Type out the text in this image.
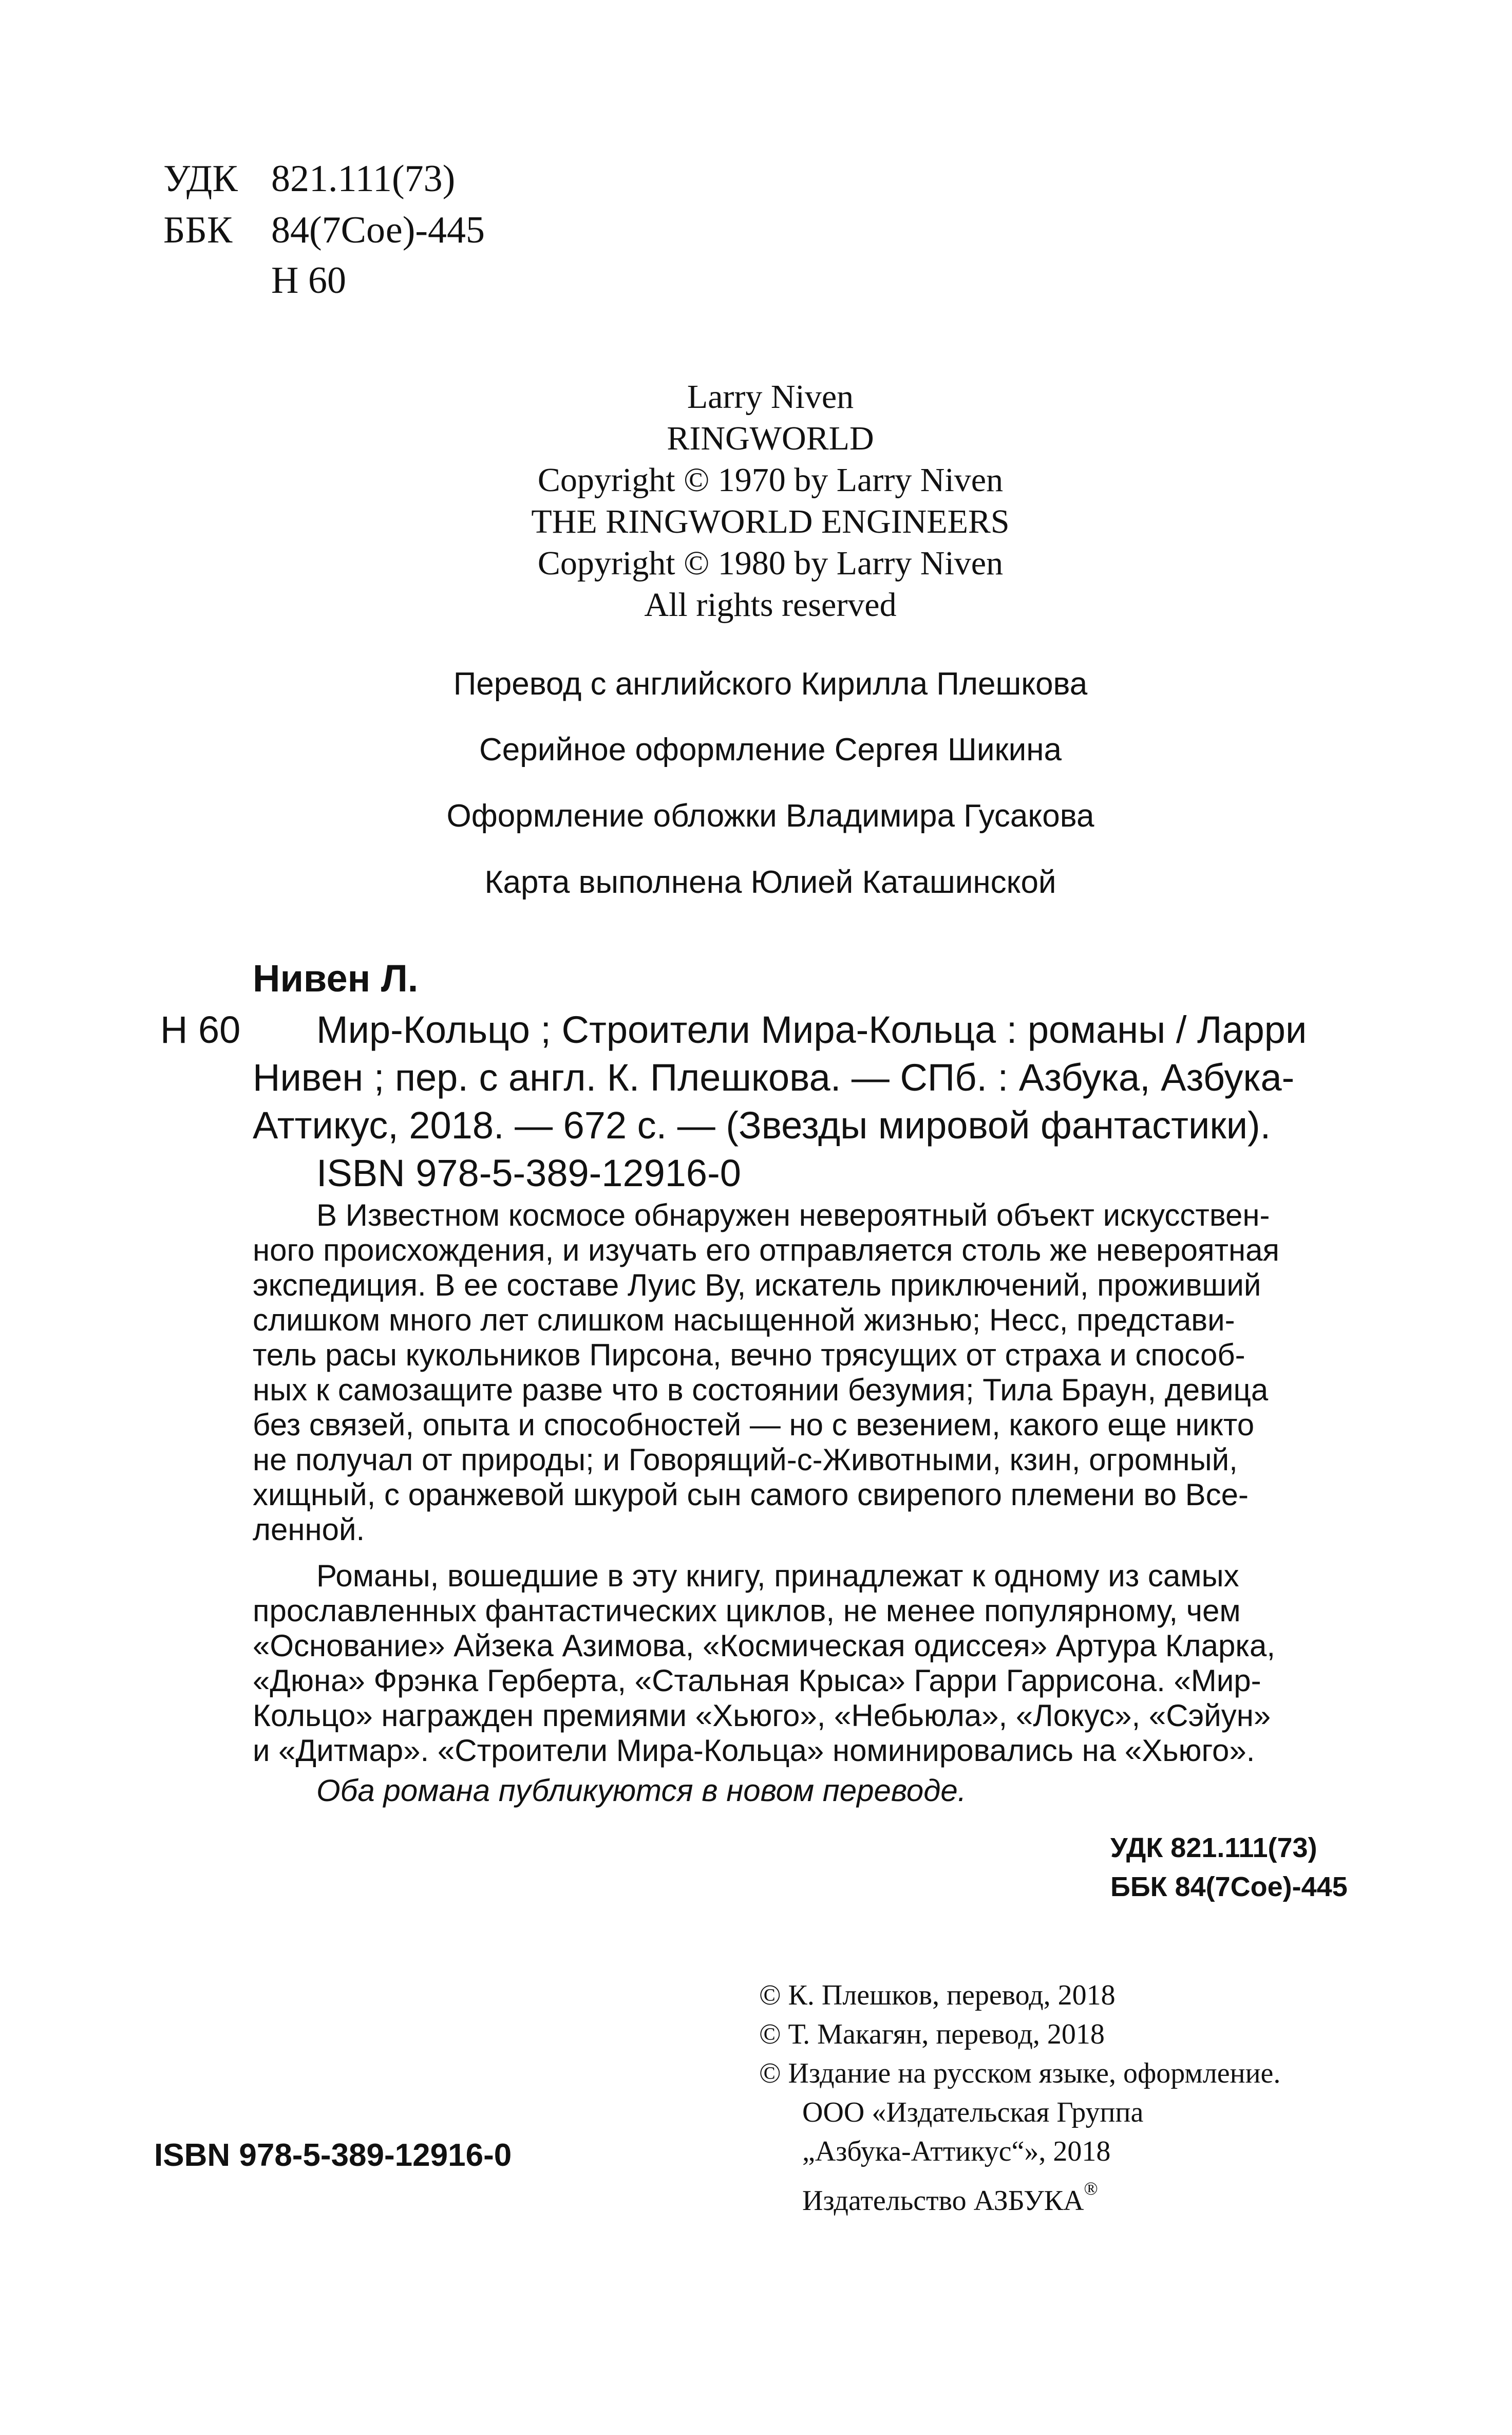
УДК 821.111(73)
ББК 84(7Сое)-445
Н 60
Larry Niven
RINGWORLD
Copyright © 1970 by Larry Niven
THE RINGWORLD ENGINEERS
Copyright © 1980 by Larry Niven
All rights reserved
Перевод с английского Кирилла Плешкова
Серийное оформление Сергея Шикина
Оформление обложки Владимира Гусакова
Карта выполнена Юлией Каташинской
Нивен Л.
Н 60 Мир-Кольцо ; Строители Мира-Кольца : романы / Ларри
Нивен ; пер. с англ. К. Плешкова. — СПб. : Азбука, Азбука-
Аттикус, 2018. — 672 с. — (Звезды мировой фантастики).
ISBN 978-5-389-12916-0
В Известном космосе обнаружен невероятный объект искусствен-
ного происхождения, и изучать его отправляется столь же невероятная
экспедиция. В ее составе Луис Ву, искатель приключений, проживший
слишком много лет слишком насыщенной жизнью; Несс, представи-
тель расы кукольников Пирсона, вечно трясущих от страха и способ-
ных к самозащите разве что в состоянии безумия; Тила Браун, девица
без связей, опыта и способностей — но с везением, какого еще никто
не получал от природы; и Говорящий-с-Животными, кзин, огромный,
хищный, с оранжевой шкурой сын самого свирепого племени во Все-
ленной.
Романы, вошедшие в эту книгу, принадлежат к одному из самых
прославленных фантастических циклов, не менее популярному, чем
«Основание» Айзека Азимова, «Космическая одиссея» Артура Кларка,
«Дюна» Фрэнка Герберта, «Стальная Крыса» Гарри Гаррисона. «Мир-
Кольцо» награжден премиями «Хьюго», «Небьюла», «Локус», «Сэйун»
и «Дитмар». «Строители Мира-Кольца» номинировались на «Хьюго».
Оба романа публикуются в новом переводе.
УДК 821.111(73)
ББК 84(7Сое)-445
© К. Плешков, перевод, 2018
© Т. Макагян, перевод, 2018
© Издание на русском языке, оформление.
ООО «Издательская Группа
„Азбука-Аттикус“», 2018
Издательство АЗБУКА®
ISBN 978-5-389-12916-0
